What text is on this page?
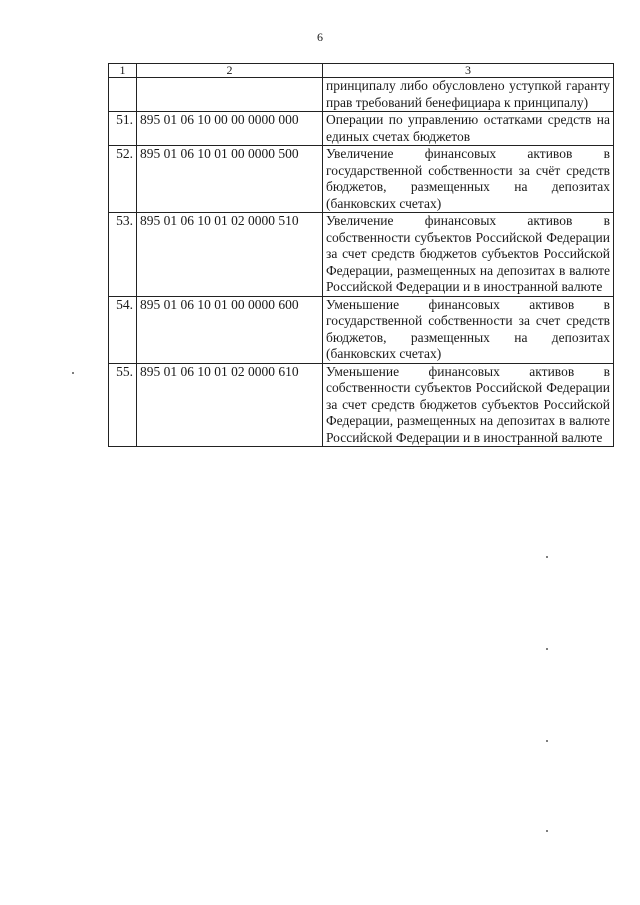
6
1	2	3
		принципалу либо обусловлено уступкой гаранту прав требований бенефициара к принципалу)
51.	895 01 06 10 00 00 0000 000	Операции по управлению остатками средств на единых счетах бюджетов
52.	895 01 06 10 01 00 0000 500	Увеличение финансовых активов в государственной собственности за счёт средств бюджетов, размещенных на депозитах (банковских счетах)
53.	895 01 06 10 01 02 0000 510	Увеличение финансовых активов в собственности субъектов Российской Федерации за счет средств бюджетов субъектов Российской Федерации, размещенных на депозитах в валюте Российской Федерации и в иностранной валюте
54.	895 01 06 10 01 00 0000 600	Уменьшение финансовых активов в государственной собственности за счет средств бюджетов, размещенных на депозитах (банковских счетах)
55.	895 01 06 10 01 02 0000 610	Уменьшение финансовых активов в собственности субъектов Российской Федерации за счет средств бюджетов субъектов Российской Федерации, размещенных на депозитах в валюте Российской Федерации и в иностранной валюте
